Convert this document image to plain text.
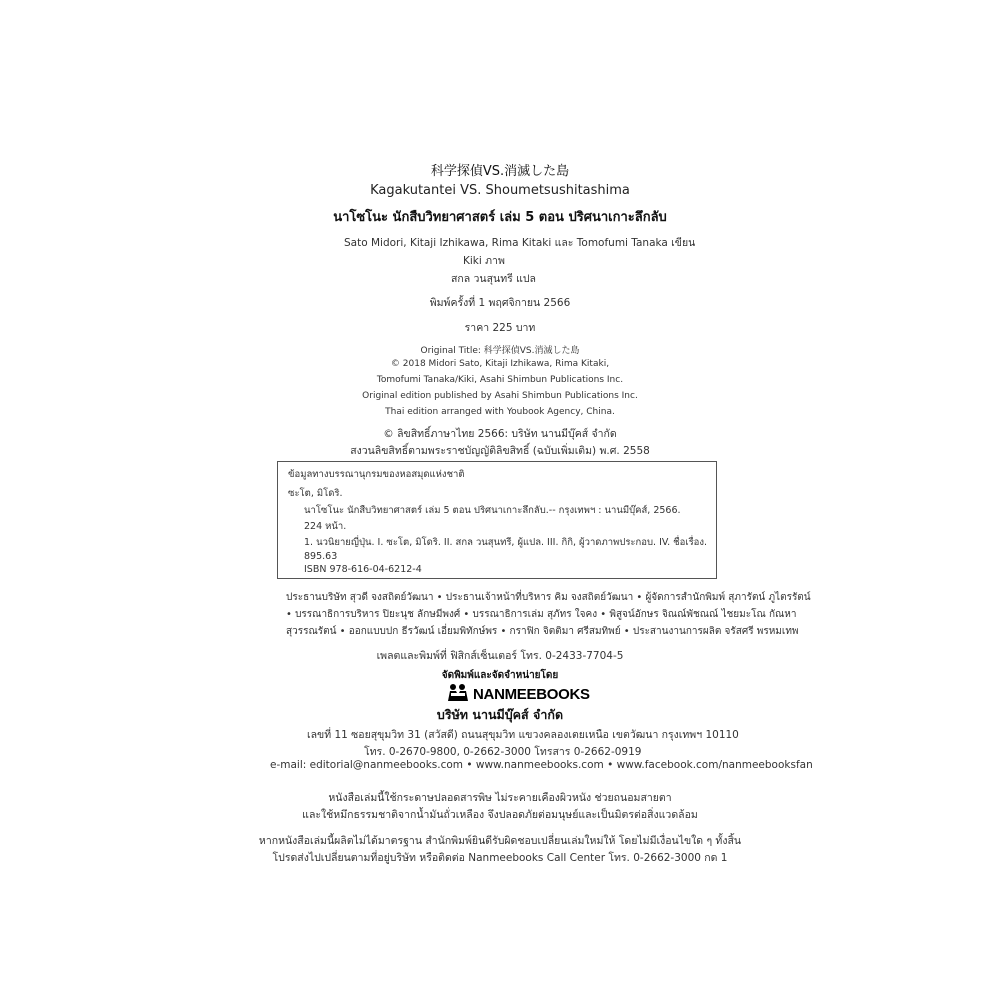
科学探偵VS.消滅した島
Kagakutantei VS. Shoumetsushitashima
นาโซโนะ นักสืบวิทยาศาสตร์ เล่ม 5 ตอน ปริศนาเกาะลึกลับ
Sato Midori, Kitaji Izhikawa, Rima Kitaki และ Tomofumi Tanaka เขียน
Kiki ภาพ
สกล วนสุนทรี แปล
พิมพ์ครั้งที่ 1 พฤศจิกายน 2566
ราคา 225 บาท
Original Title: 科学探偵VS.消滅した島
© 2018 Midori Sato, Kitaji Izhikawa, Rima Kitaki,
Tomofumi Tanaka/Kiki, Asahi Shimbun Publications Inc.
Original edition published by Asahi Shimbun Publications Inc.
Thai edition arranged with Youbook Agency, China.
© ลิขสิทธิ์ภาษาไทย 2566: บริษัท นานมีบุ๊คส์ จำกัด
สงวนลิขสิทธิ์ตามพระราชบัญญัติลิขสิทธิ์ (ฉบับเพิ่มเติม) พ.ศ. 2558
ข้อมูลทางบรรณานุกรมของหอสมุดแห่งชาติ
ซะโต, มิโดริ.
นาโซโนะ นักสืบวิทยาศาสตร์ เล่ม 5 ตอน ปริศนาเกาะลึกลับ.-- กรุงเทพฯ : นานมีบุ๊คส์, 2566.
224 หน้า.
1. นวนิยายญี่ปุ่น. I. ซะโต, มิโดริ. II. สกล วนสุนทรี, ผู้แปล. III. กิกิ, ผู้วาดภาพประกอบ. IV. ชื่อเรื่อง.
895.63
ISBN 978-616-04-6212-4
ประธานบริษัท สุวดี จงสถิตย์วัฒนา • ประธานเจ้าหน้าที่บริหาร คิม จงสถิตย์วัฒนา • ผู้จัดการสำนักพิมพ์ สุภารัตน์ ภูไตรรัตน์
• บรรณาธิการบริหาร ปิยะนุช ลักษมีพงศ์ • บรรณาธิการเล่ม สุภัทร ใจคง • พิสูจน์อักษร จิณณ์พัชณณ์ ไชยมะโณ กัณหา
สุวรรณรัตน์ • ออกแบบปก ธีรวัฒน์ เอี่ยมพิทักษ์พร • กราฟิก จิตติมา ศรีสมทิพย์ • ประสานงานการผลิต จรัสศรี พรหมเทพ
เพลตและพิมพ์ที่ ฟิสิกส์เซ็นเตอร์ โทร. 0-2433-7704-5
จัดพิมพ์และจัดจำหน่ายโดย
NANMEEBOOKS
บริษัท นานมีบุ๊คส์ จำกัด
เลขที่ 11 ซอยสุขุมวิท 31 (สวัสดี) ถนนสุขุมวิท แขวงคลองเตยเหนือ เขตวัฒนา กรุงเทพฯ 10110
โทร. 0-2670-9800, 0-2662-3000 โทรสาร 0-2662-0919
e-mail: editorial@nanmeebooks.com • www.nanmeebooks.com • www.facebook.com/nanmeebooksfan
หนังสือเล่มนี้ใช้กระดาษปลอดสารพิษ ไม่ระคายเคืองผิวหนัง ช่วยถนอมสายตา
และใช้หมึกธรรมชาติจากน้ำมันถั่วเหลือง จึงปลอดภัยต่อมนุษย์และเป็นมิตรต่อสิ่งแวดล้อม
หากหนังสือเล่มนี้ผลิตไม่ได้มาตรฐาน สำนักพิมพ์ยินดีรับผิดชอบเปลี่ยนเล่มใหม่ให้ โดยไม่มีเงื่อนไขใด ๆ ทั้งสิ้น
โปรดส่งไปเปลี่ยนตามที่อยู่บริษัท หรือติดต่อ Nanmeebooks Call Center โทร. 0-2662-3000 กด 1
